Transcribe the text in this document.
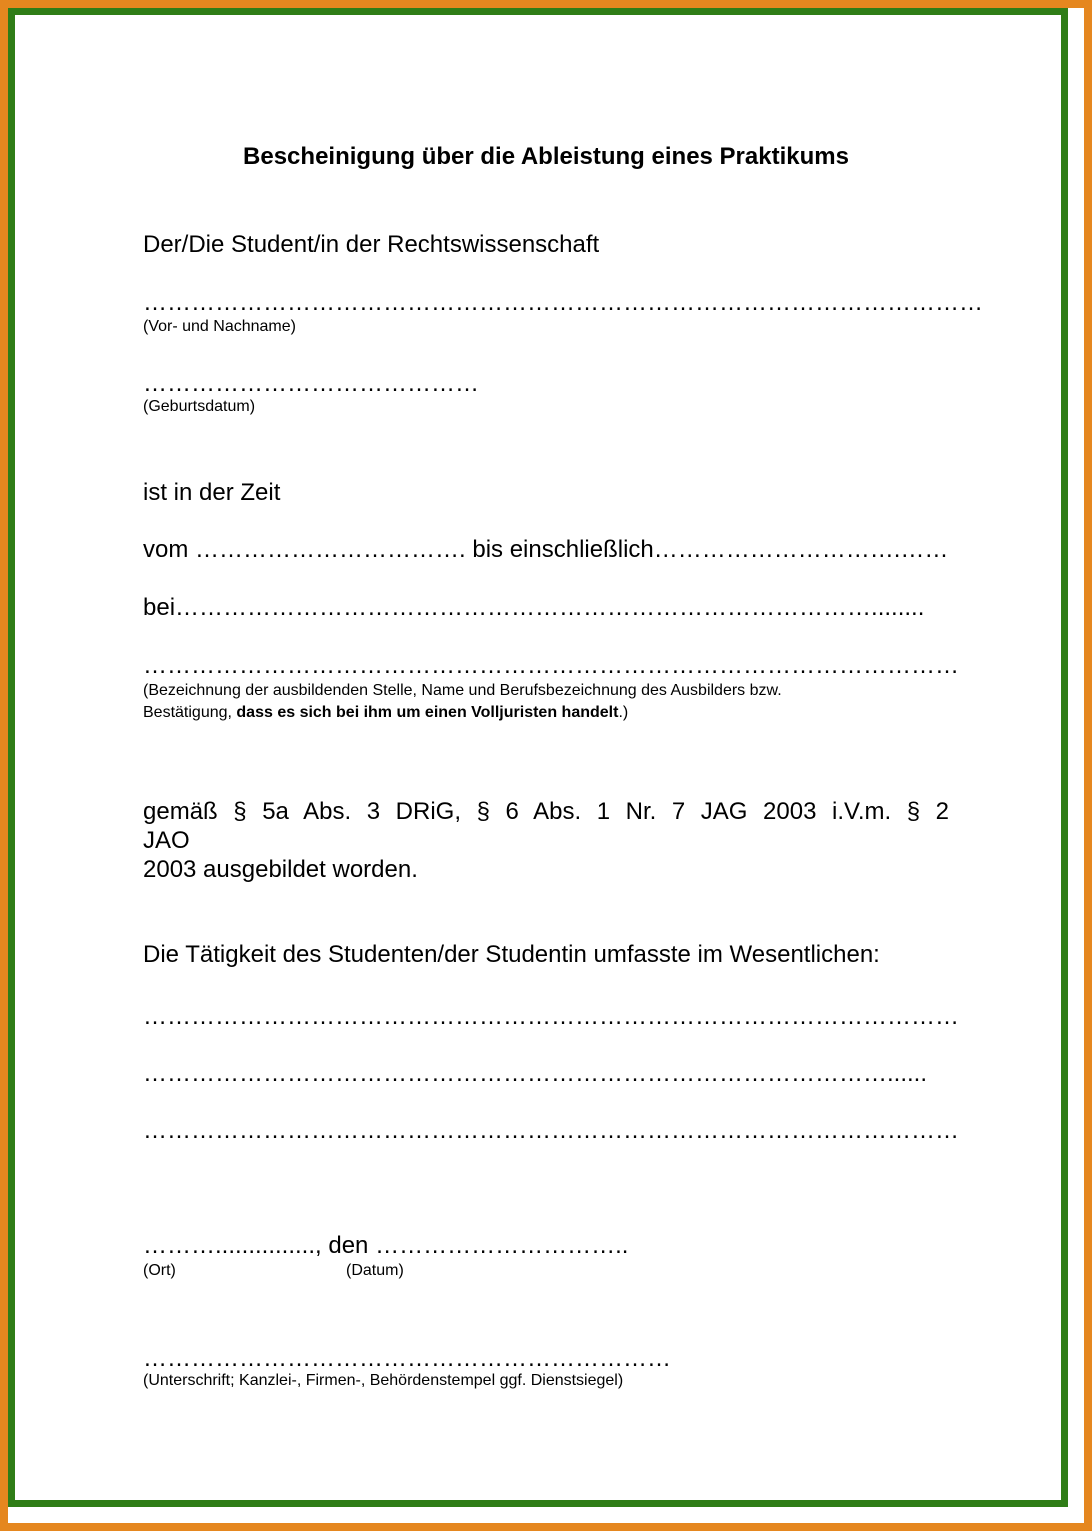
Bescheinigung über die Ableistung eines Praktikums
Der/Die Student/in der Rechtswissenschaft
……………………………………………………………………………………………
(Vor- und Nachname)
……………………………………
(Geburtsdatum)
ist in der Zeit
vom ……………………………. bis einschließlich………………………….……
bei……………………………………………………………………………........
…………………………………………………………………………………………
(Bezeichnung der ausbildenden Stelle, Name und Berufsbezeichnung des Ausbilders bzw.
Bestätigung, dass es sich bei ihm um einen Volljuristen handelt.)
gemäß § 5a Abs. 3 DRiG, § 6 Abs. 1 Nr. 7 JAG 2003 i.V.m. § 2 JAO
2003 ausgebildet worden.
Die Tätigkeit des Studenten/der Studentin umfasste im Wesentlichen:
…………………………………………………………………………………………
…………………………………………………………………………………......
…………………………………………………………………………………………
………..............., den …………………………..
(Ort)	(Datum)
…………………………………………………………
(Unterschrift; Kanzlei-, Firmen-, Behördenstempel ggf. Dienstsiegel)
